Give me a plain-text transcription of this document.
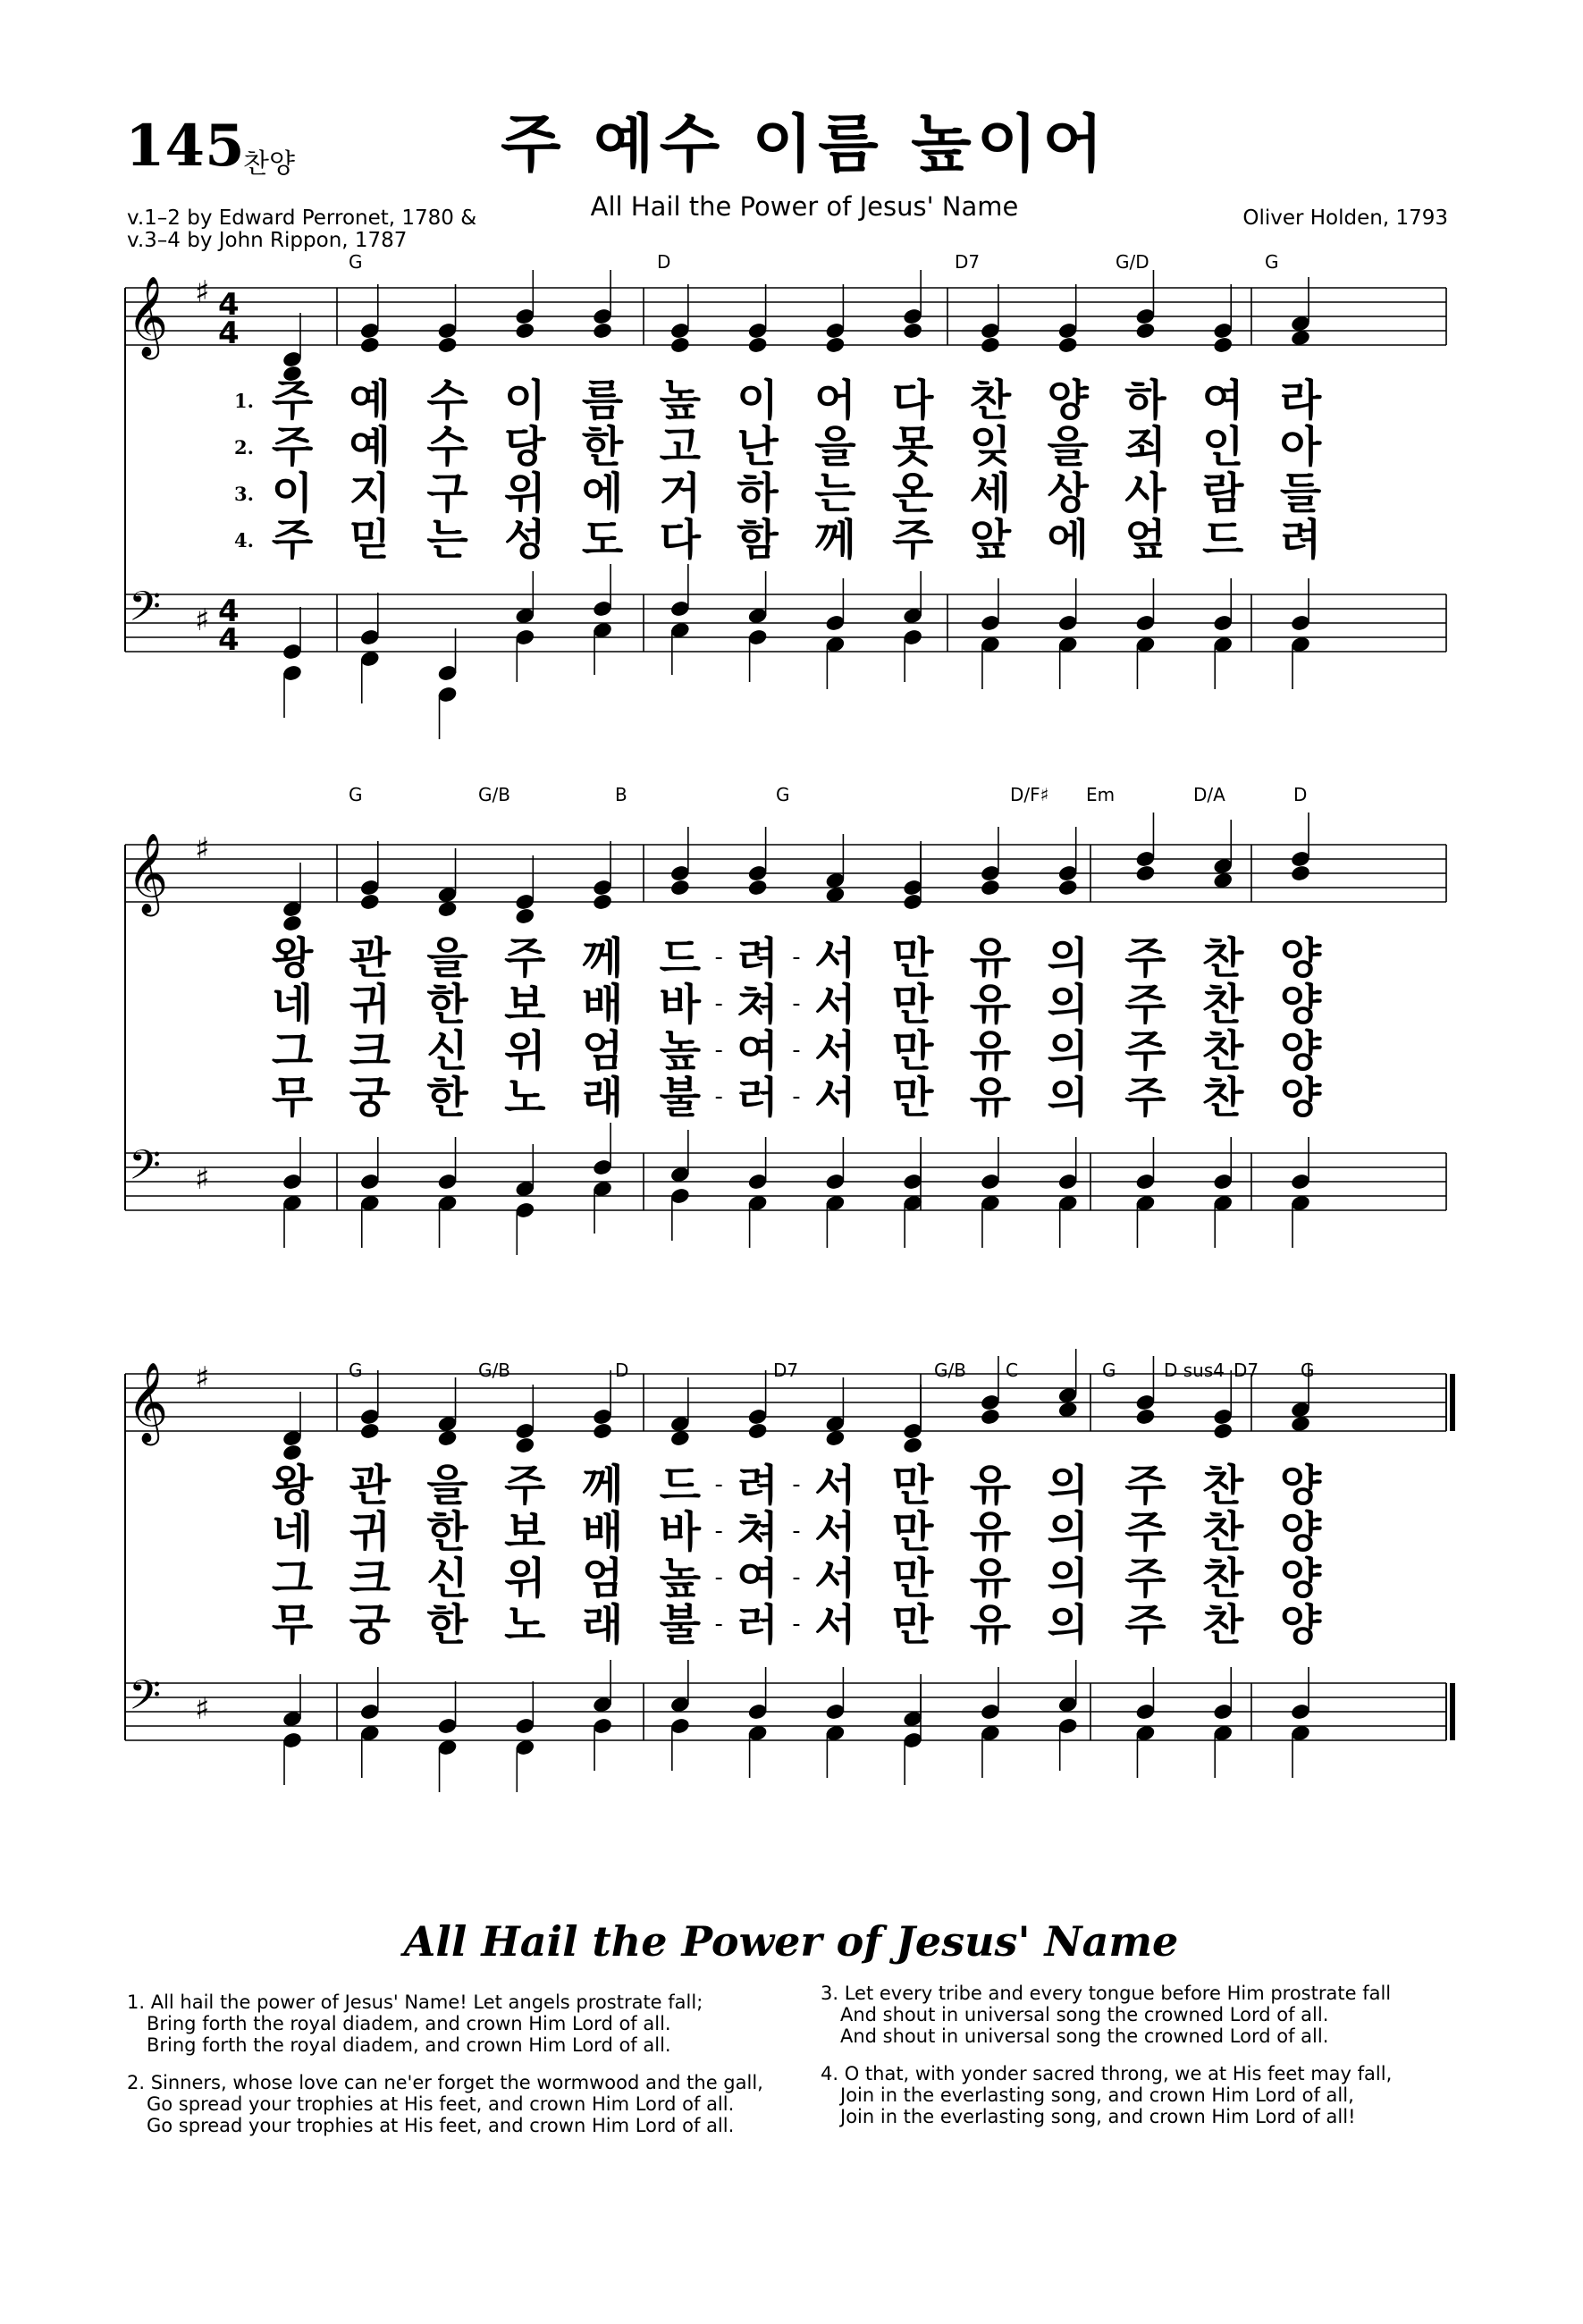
145
찬양	주 예수 이름 높이어
All Hail the Power of Jesus' Name
v.1–2 by Edward Perronet, 1780 &
v.3–4 by John Rippon, 1787
Oliver Holden, 1793
𝄞
𝄢
♯
♯
4
4
4
4
G	D	D7	G/D	G
𝄞
𝄢
♯
♯
G	G/B	B	G	D/F♯ Em	D/A	D
𝄞
𝄢
♯
♯
G	G/B	D	D7	G/B C	G	D sus4 D7 G
1. 주 예 수 이 름 높 이 어 다 찬 양 하 여 라
2. 주 예 수 당 한 고 난 을 못 잊 을 죄 인 아
3. 이 지 구 위 에 거 하 는 온 세 상 사 람 들
4. 주 믿 는 성 도 다 함 께 주 앞 에 엎 드 려
왕 관 을 주 께 드 려 서 만 유 의 주 찬 양
-	-
네 귀 한 보 배 바 쳐 서 만 유 의 주 찬 양
-	-
그 크 신 위 엄 높 여 서 만 유 의 주 찬 양
-	-
무 궁 한 노 래 불 러 서 만 유 의 주 찬 양
-	-
왕 관 을 주 께 드 려 서 만 유 의 주 찬 양
-	-
네 귀 한 보 배 바 쳐 서 만 유 의 주 찬 양
-	-
그 크 신 위 엄 높 여 서 만 유 의 주 찬 양
-	-
무 궁 한 노 래 불 러 서 만 유 의 주 찬 양
-	-
All Hail the Power of Jesus' Name
1. All hail the power of Jesus' Name! Let angels prostrate fall;
Bring forth the royal diadem, and crown Him Lord of all.
Bring forth the royal diadem, and crown Him Lord of all.
2. Sinners, whose love can ne'er forget the wormwood and the gall,
Go spread your trophies at His feet, and crown Him Lord of all.
Go spread your trophies at His feet, and crown Him Lord of all.
3. Let every tribe and every tongue before Him prostrate fall
And shout in universal song the crowned Lord of all.
And shout in universal song the crowned Lord of all.
4. O that, with yonder sacred throng, we at His feet may fall,
Join in the everlasting song, and crown Him Lord of all,
Join in the everlasting song, and crown Him Lord of all!
